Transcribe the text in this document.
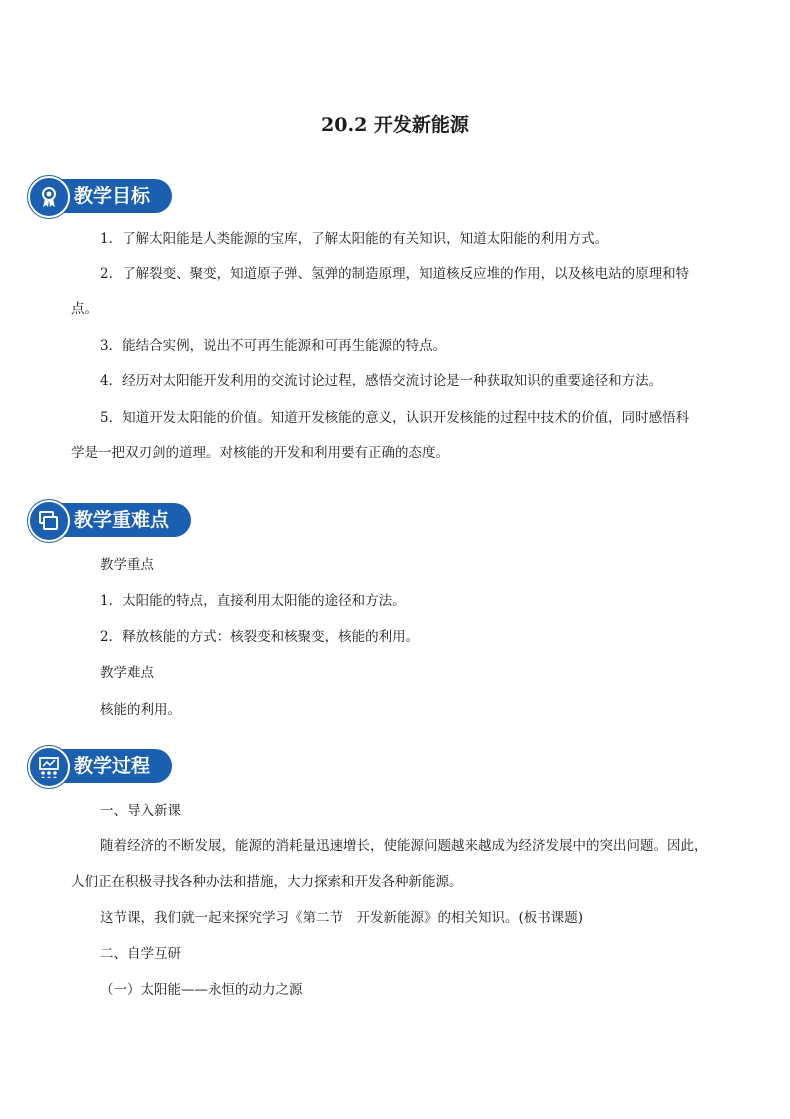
20.2 开发新能源
教学目标
1．了解太阳能是人类能源的宝库，了解太阳能的有关知识，知道太阳能的利用方式。
2．了解裂变、聚变，知道原子弹、氢弹的制造原理，知道核反应堆的作用，以及核电站的原理和特
点。
3．能结合实例，说出不可再生能源和可再生能源的特点。
4．经历对太阳能开发利用的交流讨论过程，感悟交流讨论是一种获取知识的重要途径和方法。
5．知道开发太阳能的价值。知道开发核能的意义，认识开发核能的过程中技术的价值，同时感悟科
学是一把双刃剑的道理。对核能的开发和利用要有正确的态度。
教学重难点
教学重点
1．太阳能的特点，直接利用太阳能的途径和方法。
2．释放核能的方式：核裂变和核聚变，核能的利用。
教学难点
核能的利用。
教学过程
一、导入新课
随着经济的不断发展，能源的消耗量迅速增长，使能源问题越来越成为经济发展中的突出问题。因此，
人们正在积极寻找各种办法和措施，大力探索和开发各种新能源。
这节课，我们就一起来探究学习《第二节　开发新能源》的相关知识。(板书课题)
二、自学互研
（一）太阳能——永恒的动力之源
